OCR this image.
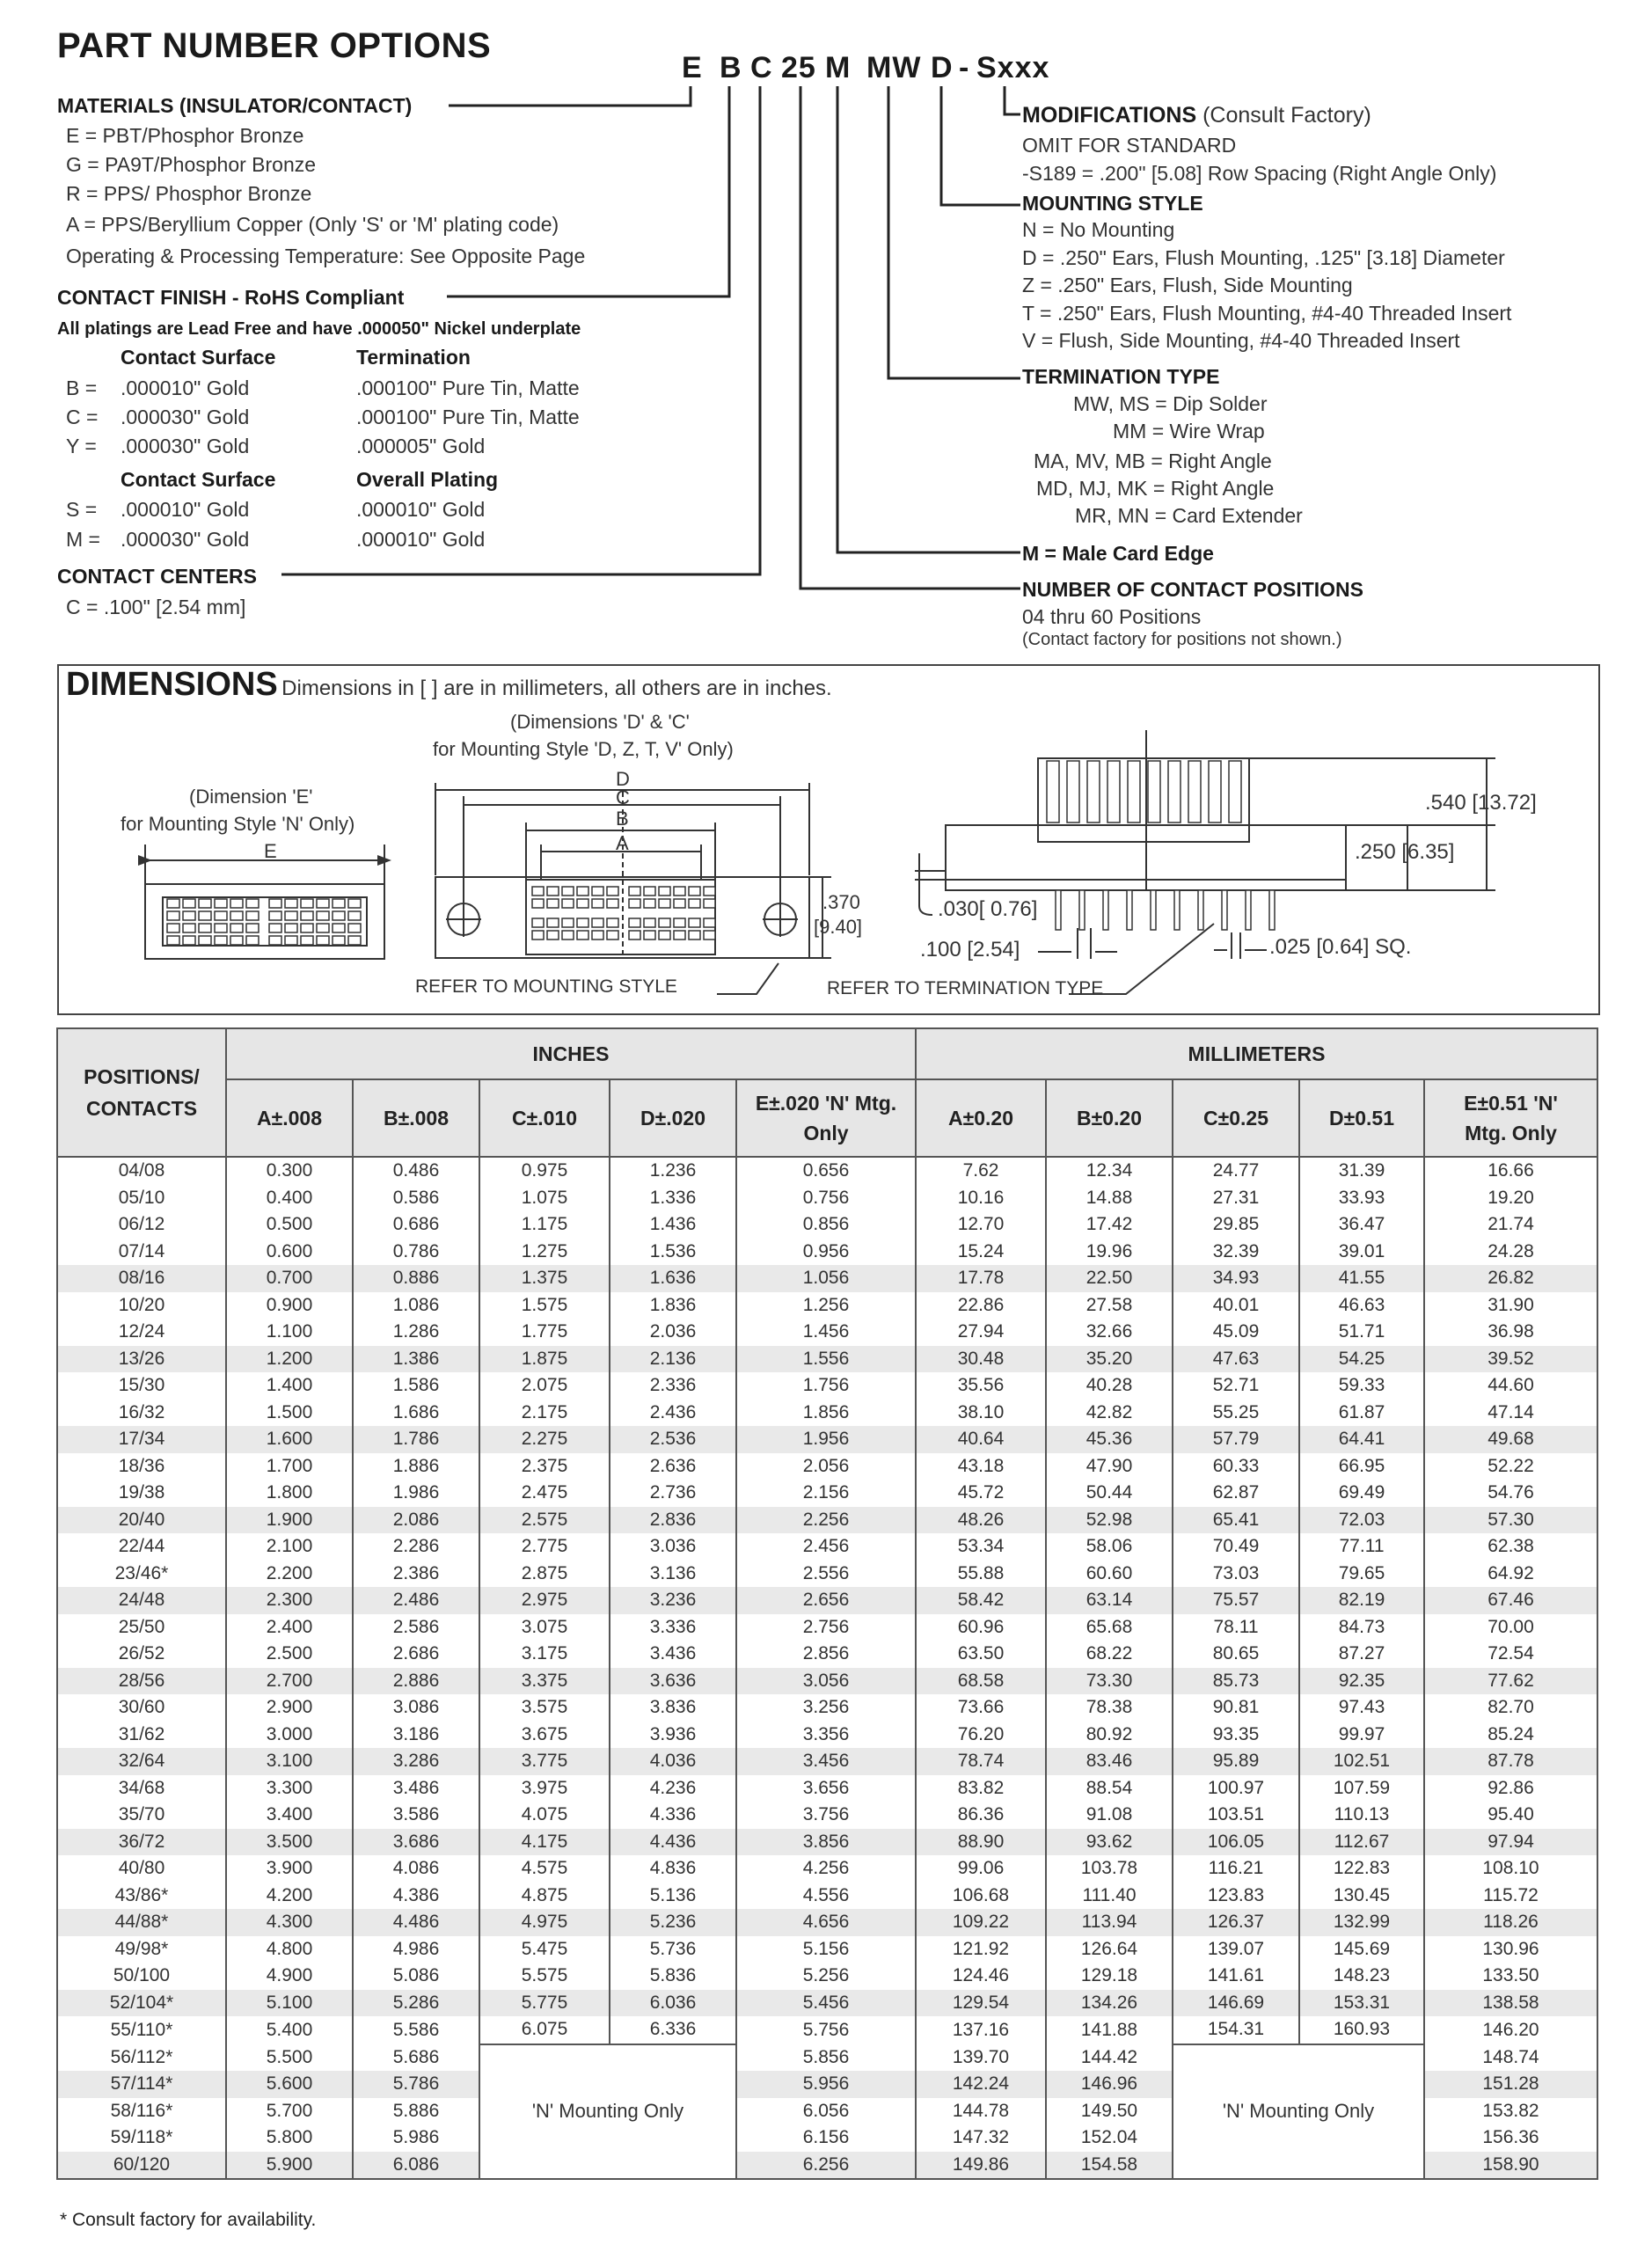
PART NUMBER OPTIONS
E B C 25 M MW D - Sxxx
MATERIALS (INSULATOR/CONTACT)
E = PBT/Phosphor Bronze
G = PA9T/Phosphor Bronze
R = PPS/ Phosphor Bronze
A = PPS/Beryllium Copper (Only 'S' or 'M' plating code)
Operating & Processing Temperature: See Opposite Page
CONTACT FINISH - RoHS Compliant
All platings are Lead Free and have .000050" Nickel underplate
Contact Surface	Termination
B = .000010" Gold	.000100" Pure Tin, Matte
C = .000030" Gold	.000100" Pure Tin, Matte
Y = .000030" Gold	.000005" Gold
Contact Surface	Overall Plating
S = .000010" Gold	.000010" Gold
M = .000030" Gold	.000010" Gold
CONTACT CENTERS
C = .100" [2.54 mm]
MODIFICATIONS (Consult Factory)
OMIT FOR STANDARD
-S189 = .200" [5.08] Row Spacing (Right Angle Only)
MOUNTING STYLE
N = No Mounting
D = .250" Ears, Flush Mounting, .125" [3.18] Diameter
Z = .250" Ears, Flush, Side Mounting
T = .250" Ears, Flush Mounting, #4-40 Threaded Insert
V = Flush, Side Mounting, #4-40 Threaded Insert
TERMINATION TYPE
MW, MS = Dip Solder
MM = Wire Wrap
MA, MV, MB = Right Angle
MD, MJ, MK = Right Angle
MR, MN = Card Extender
M = Male Card Edge
NUMBER OF CONTACT POSITIONS
04 thru 60 Positions
(Contact factory for positions not shown.)
DIMENSIONS Dimensions in [ ] are in millimeters, all others are in inches.
(Dimension 'E'
for Mounting Style 'N' Only)
(Dimensions 'D' & 'C'
for Mounting Style 'D, Z, T, V' Only)
E
D
C
B
A
.370
[9.40]
REFER TO MOUNTING STYLE	REFER TO TERMINATION TYPE
.540 [13.72]
.250 [6.35]
.030[ 0.76]
.100 [2.54]	.025 [0.64] SQ.
POSITIONS/ CONTACTS	INCHES					MILLIMETERS				
	A±.008	B±.008	C±.010	D±.020	E±.020 'N' Mtg. Only	A±0.20	B±0.20	C±0.25	D±0.51	E±0.51 'N' Mtg. Only
04/08	0.300	0.486	0.975	1.236	0.656	7.62	12.34	24.77	31.39	16.66
05/10	0.400	0.586	1.075	1.336	0.756	10.16	14.88	27.31	33.93	19.20
06/12	0.500	0.686	1.175	1.436	0.856	12.70	17.42	29.85	36.47	21.74
07/14	0.600	0.786	1.275	1.536	0.956	15.24	19.96	32.39	39.01	24.28
08/16	0.700	0.886	1.375	1.636	1.056	17.78	22.50	34.93	41.55	26.82
10/20	0.900	1.086	1.575	1.836	1.256	22.86	27.58	40.01	46.63	31.90
12/24	1.100	1.286	1.775	2.036	1.456	27.94	32.66	45.09	51.71	36.98
13/26	1.200	1.386	1.875	2.136	1.556	30.48	35.20	47.63	54.25	39.52
15/30	1.400	1.586	2.075	2.336	1.756	35.56	40.28	52.71	59.33	44.60
16/32	1.500	1.686	2.175	2.436	1.856	38.10	42.82	55.25	61.87	47.14
17/34	1.600	1.786	2.275	2.536	1.956	40.64	45.36	57.79	64.41	49.68
18/36	1.700	1.886	2.375	2.636	2.056	43.18	47.90	60.33	66.95	52.22
19/38	1.800	1.986	2.475	2.736	2.156	45.72	50.44	62.87	69.49	54.76
20/40	1.900	2.086	2.575	2.836	2.256	48.26	52.98	65.41	72.03	57.30
22/44	2.100	2.286	2.775	3.036	2.456	53.34	58.06	70.49	77.11	62.38
23/46*	2.200	2.386	2.875	3.136	2.556	55.88	60.60	73.03	79.65	64.92
24/48	2.300	2.486	2.975	3.236	2.656	58.42	63.14	75.57	82.19	67.46
25/50	2.400	2.586	3.075	3.336	2.756	60.96	65.68	78.11	84.73	70.00
26/52	2.500	2.686	3.175	3.436	2.856	63.50	68.22	80.65	87.27	72.54
28/56	2.700	2.886	3.375	3.636	3.056	68.58	73.30	85.73	92.35	77.62
30/60	2.900	3.086	3.575	3.836	3.256	73.66	78.38	90.81	97.43	82.70
31/62	3.000	3.186	3.675	3.936	3.356	76.20	80.92	93.35	99.97	85.24
32/64	3.100	3.286	3.775	4.036	3.456	78.74	83.46	95.89	102.51	87.78
34/68	3.300	3.486	3.975	4.236	3.656	83.82	88.54	100.97	107.59	92.86
35/70	3.400	3.586	4.075	4.336	3.756	86.36	91.08	103.51	110.13	95.40
36/72	3.500	3.686	4.175	4.436	3.856	88.90	93.62	106.05	112.67	97.94
40/80	3.900	4.086	4.575	4.836	4.256	99.06	103.78	116.21	122.83	108.10
43/86*	4.200	4.386	4.875	5.136	4.556	106.68	111.40	123.83	130.45	115.72
44/88*	4.300	4.486	4.975	5.236	4.656	109.22	113.94	126.37	132.99	118.26
49/98*	4.800	4.986	5.475	5.736	5.156	121.92	126.64	139.07	145.69	130.96
50/100	4.900	5.086	5.575	5.836	5.256	124.46	129.18	141.61	148.23	133.50
52/104*	5.100	5.286	5.775	6.036	5.456	129.54	134.26	146.69	153.31	138.58
55/110*	5.400	5.586	6.075	6.336	5.756	137.16	141.88	154.31	160.93	146.20
56/112*	5.500	5.686	'N' Mounting Only		5.856	139.70	144.42	'N' Mounting Only		148.74
57/114*	5.600	5.786			5.956	142.24	146.96			151.28
58/116*	5.700	5.886			6.056	144.78	149.50			153.82
59/118*	5.800	5.986			6.156	147.32	152.04			156.36
60/120	5.900	6.086			6.256	149.86	154.58			158.90
* Consult factory for availability.
